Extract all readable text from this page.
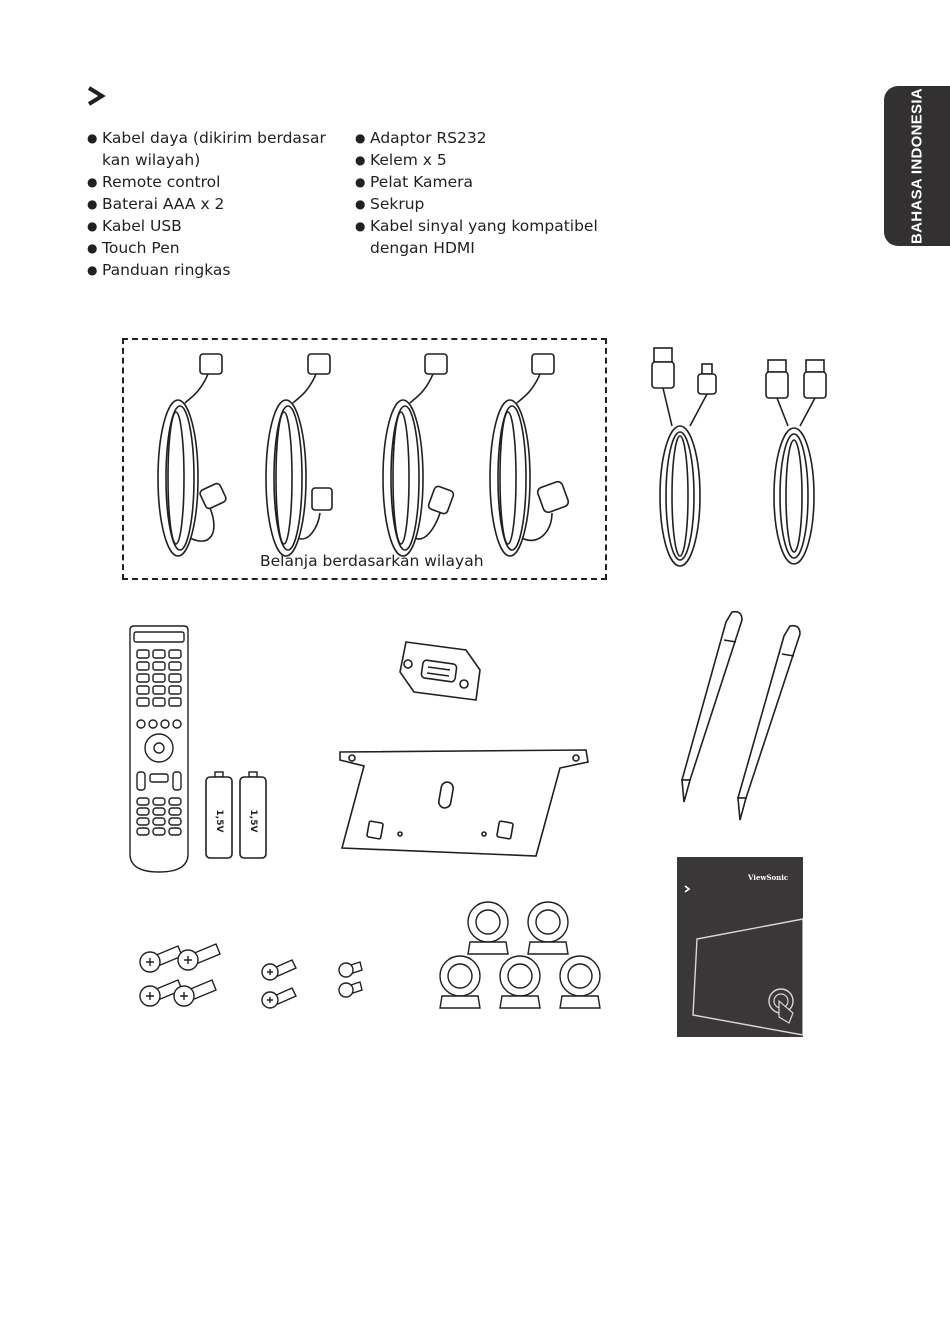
BAHASA INDONESIA
● Kabel daya (dikirim berdasar kan wilayah)
● Remote control
● Baterai AAA x 2
● Kabel USB
● Touch Pen
● Panduan ringkas
● Adaptor RS232
● Kelem x 5
● Pelat Kamera
● Sekrup
● Kabel sinyal yang kompatibel dengan HDMI
Belanja berdasarkan wilayah
1,5V	1,5V
ViewSonic
